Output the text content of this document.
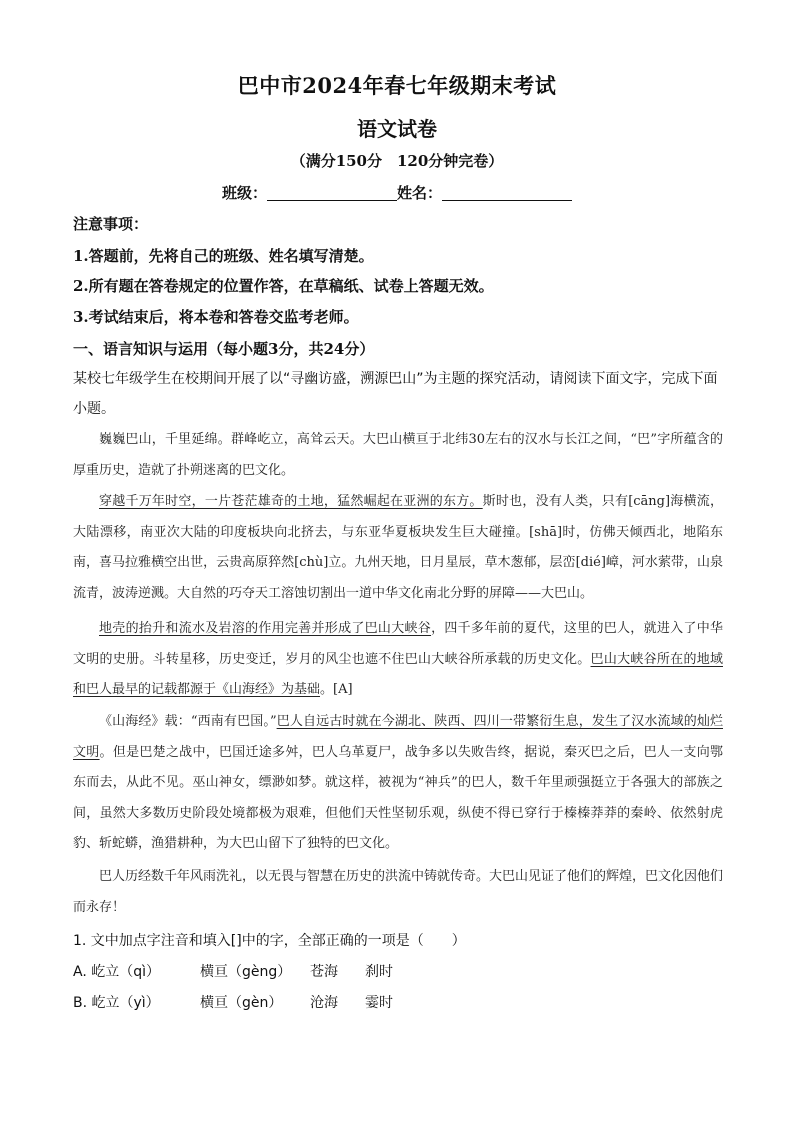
巴中市2024年春七年级期末考试
语文试卷
（满分150分　120分钟完卷）
班级：	姓名：
注意事项：
1.答题前，先将自己的班级、姓名填写清楚。
2.所有题在答卷规定的位置作答，在草稿纸、试卷上答题无效。
3.考试结束后，将本卷和答卷交监考老师。
一、语言知识与运用（每小题3分，共24分）
某校七年级学生在校期间开展了以“寻幽访盛，溯源巴山”为主题的探究活动，请阅读下面文字，完成下面小题。
巍巍巴山，千里延绵。群峰屹立，高耸云天。大巴山横亘于北纬30左右的汉水与长江之间，“巴”字所蕴含的厚重历史，造就了扑朔迷离的巴文化。
穿越千万年时空，一片苍茫雄奇的土地，猛然崛起在亚洲的东方。斯时也，没有人类，只有[cāng]海横流，大陆漂移，南亚次大陆的印度板块向北挤去，与东亚华夏板块发生巨大碰撞。[shā]时，仿佛天倾西北，地陷东南，喜马拉雅横空出世，云贵高原猝然[chù]立。九州天地，日月星辰，草木葱郁，层峦[dié]嶂，河水萦带，山泉流青，波涛逆溅。大自然的巧夺天工溶蚀切割出一道中华文化南北分野的屏障——大巴山。
地壳的抬升和流水及岩溶的作用完善并形成了巴山大峡谷，四千多年前的夏代，这里的巴人，就进入了中华文明的史册。斗转星移，历史变迁，岁月的风尘也遮不住巴山大峡谷所承载的历史文化。巴山大峡谷所在的地域和巴人最早的记载都源于《山海经》为基础。[A]
《山海经》载：“西南有巴国。”巴人自远古时就在今湖北、陕西、四川一带繁衍生息，发生了汉水流域的灿烂文明。但是巴楚之战中，巴国迁途多舛，巴人乌革夏尸，战争多以失败告终，据说，秦灭巴之后，巴人一支向鄂东而去，从此不见。巫山神女，缥渺如梦。就这样，被视为“神兵”的巴人，数千年里顽强挺立于各强大的部族之间，虽然大多数历史阶段处境都极为艰难，但他们天性坚韧乐观，纵使不得已穿行于榛榛莽莽的秦岭、依然射虎豹、斩蛇蟒，渔猎耕种，为大巴山留下了独特的巴文化。
巴人历经数千年风雨洗礼，以无畏与智慧在历史的洪流中铸就传奇。大巴山见证了他们的辉煌，巴文化因他们而永存！
1. 文中加点字注音和填入[]中的字，全部正确的一项是（　　）
A. 屹立（qì）	横亘（gèng） 苍海 刹时
B. 屹立（yì）	横亘（gèn） 沧海 霎时
